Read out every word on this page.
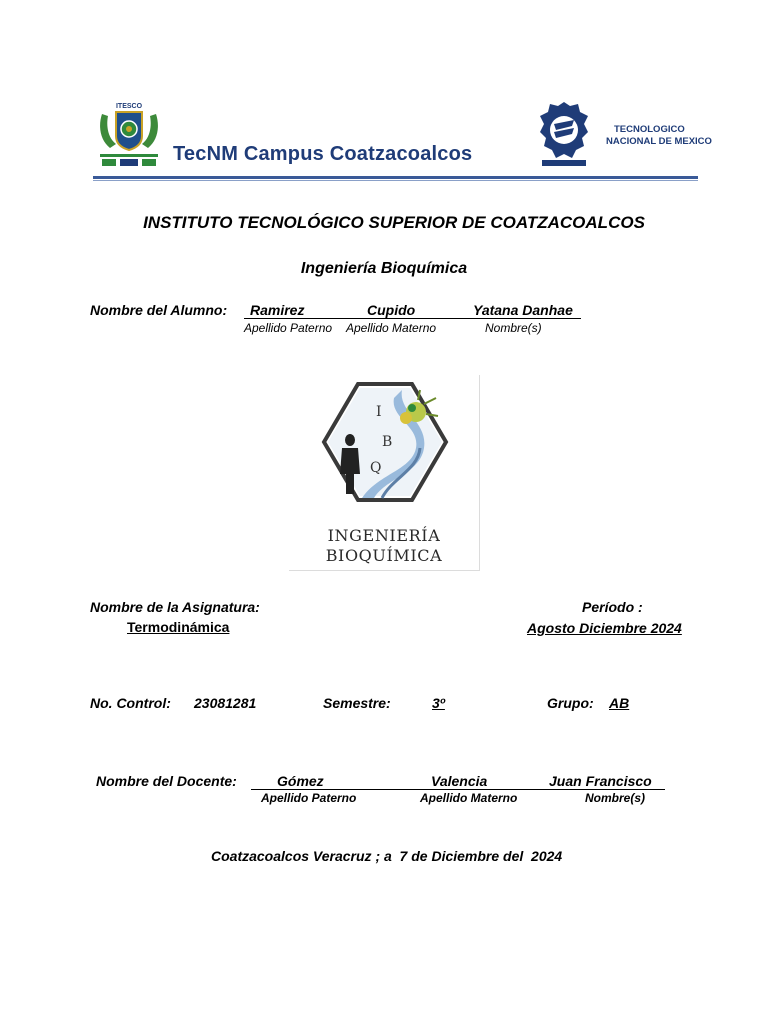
ITESCO
TecNM Campus Coatzacoalcos
TECNOLOGICO
NACIONAL DE MEXICO
INSTITUTO TECNOLÓGICO SUPERIOR DE COATZACOALCOS
Ingeniería Bioquímica
Nombre del Alumno: Ramirez	Cupido	Yatana Danhae
Apellido Paterno Apellido Materno	Nombre(s)
I
B
Q
INGENIERÍA
BIOQUÍMICA
Nombre de la Asignatura:
Termodinámica
Período :
Agosto Diciembre 2024
No. Control: 23081281	Semestre:	3º	Grupo: AB
Nombre del Docente:	Gómez	Valencia	Juan Francisco
Apellido Paterno	Apellido Materno	Nombre(s)
Coatzacoalcos Veracruz ; a  7 de Diciembre del  2024
